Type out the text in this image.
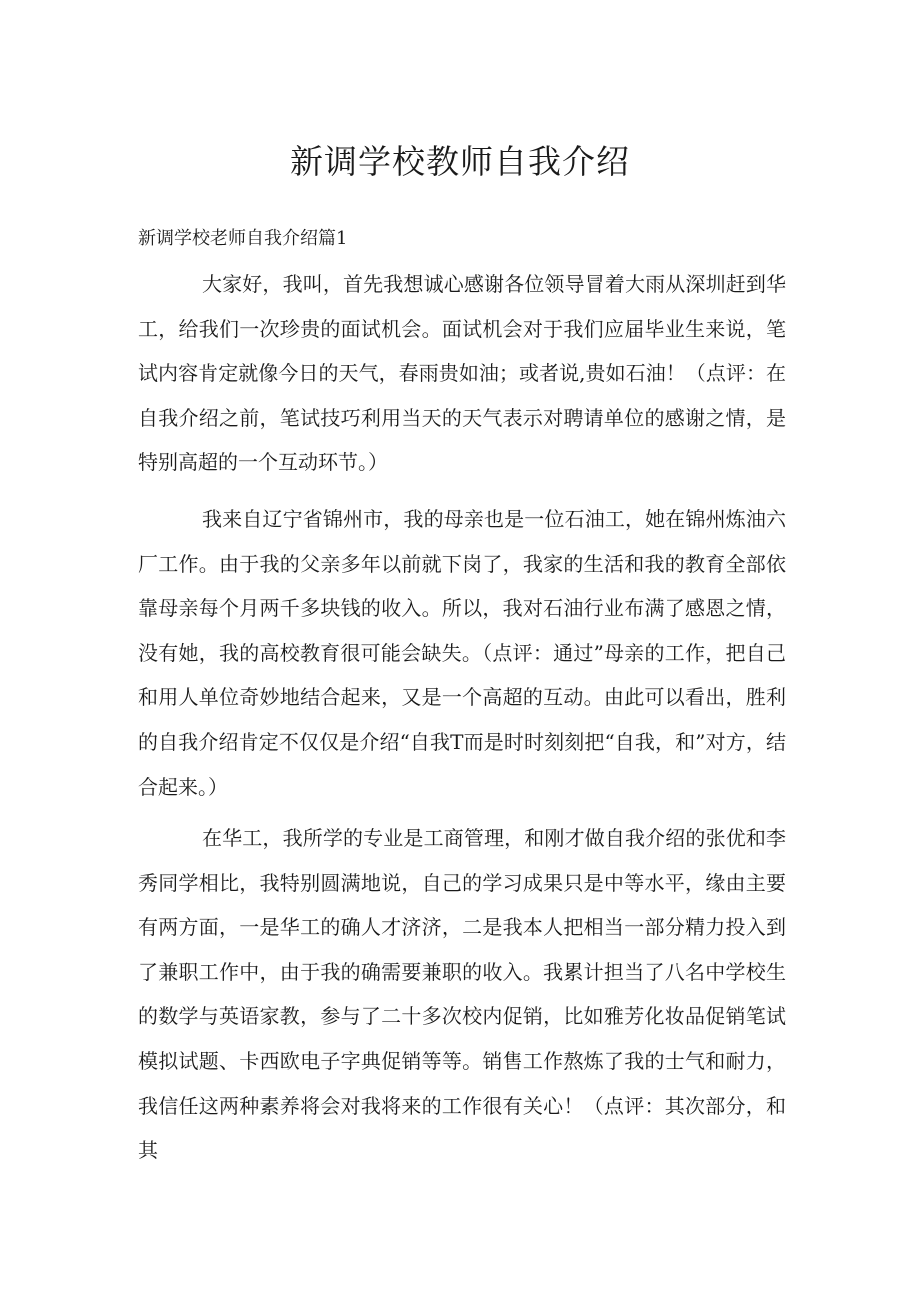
新调学校教师自我介绍
新调学校老师自我介绍篇1

大家好，我叫，首先我想诚心感谢各位领导冒着大雨从深圳赶到华工，给我们一次珍贵的面试机会。面试机会对于我们应届毕业生来说，笔试内容肯定就像今日的天气，春雨贵如油；或者说,贵如石油！（点评：在自我介绍之前，笔试技巧利用当天的天气表示对聘请单位的感谢之情，是特别高超的一个互动环节。）

我来自辽宁省锦州市，我的母亲也是一位石油工，她在锦州炼油六厂工作。由于我的父亲多年以前就下岗了，我家的生活和我的教育全部依靠母亲每个月两千多块钱的收入。所以，我对石油行业布满了感恩之情，没有她，我的高校教育很可能会缺失。（点评：通过”母亲的工作，把自己和用人单位奇妙地结合起来，又是一个高超的互动。由此可以看出，胜利的自我介绍肯定不仅仅是介绍“自我T而是时时刻刻把“自我，和”对方，结合起来。）

在华工，我所学的专业是工商管理，和刚才做自我介绍的张优和李秀同学相比，我特别圆满地说，自己的学习成果只是中等水平，缘由主要有两方面，一是华工的确人才济济，二是我本人把相当一部分精力投入到了兼职工作中，由于我的确需要兼职的收入。我累计担当了八名中学校生的数学与英语家教，参与了二十多次校内促销，比如雅芳化妆品促销笔试模拟试题、卡西欧电子字典促销等等。销售工作熬炼了我的士气和耐力，我信任这两种素养将会对我将来的工作很有关心！（点评：其次部分，和其
